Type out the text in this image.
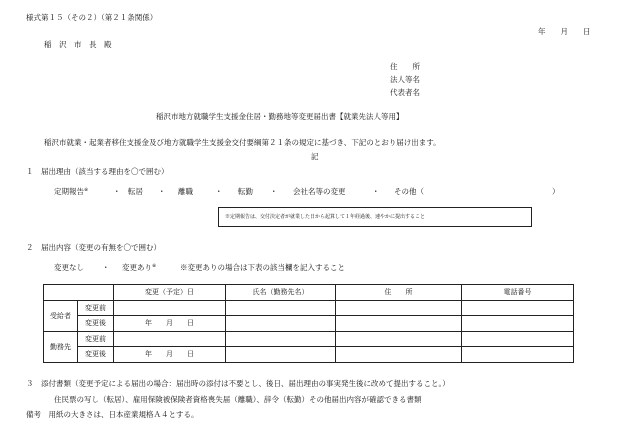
様式第１５（その２）（第２１条関係）
年　　月　　日
稲　沢　市　長　殿
住　　所
法人等名
代表者名
稲沢市地方就職学生支援金住居・勤務地等変更届出書【就業先法人等用】
稲沢市就業・起業者移住支援金及び地方就職学生支援金交付要綱第２１条の規定に基づき、下記のとおり届け出ます。
記
１　届出理由（該当する理由を〇で囲む）
定期報告※	・ 転居 ・ 離職	・ 転勤 ・ 会社名等の変更	・ その他（	）
※定期報告は、交付決定者が就業した日から起算して１年経過後、速やかに提出すること
２　届出内容（変更の有無を〇で囲む）
変更なし ・ 変更あり※	※変更ありの場合は下表の該当欄を記入すること
		変更（予定）日	氏名（勤務先名）	住　　所	電話番号
受給者	変更前				
	変更後	年　　月　　日			
勤務先	変更前				
	変更後	年　　月　　日			
３　添付書類（変更予定による届出の場合：届出時の添付は不要とし、後日、届出理由の事実発生後に改めて提出すること。）
住民票の写し（転居）、雇用保険被保険者資格喪失届（離職）、辞令（転勤）その他届出内容が確認できる書類
備考　用紙の大きさは、日本産業規格Ａ４とする。
